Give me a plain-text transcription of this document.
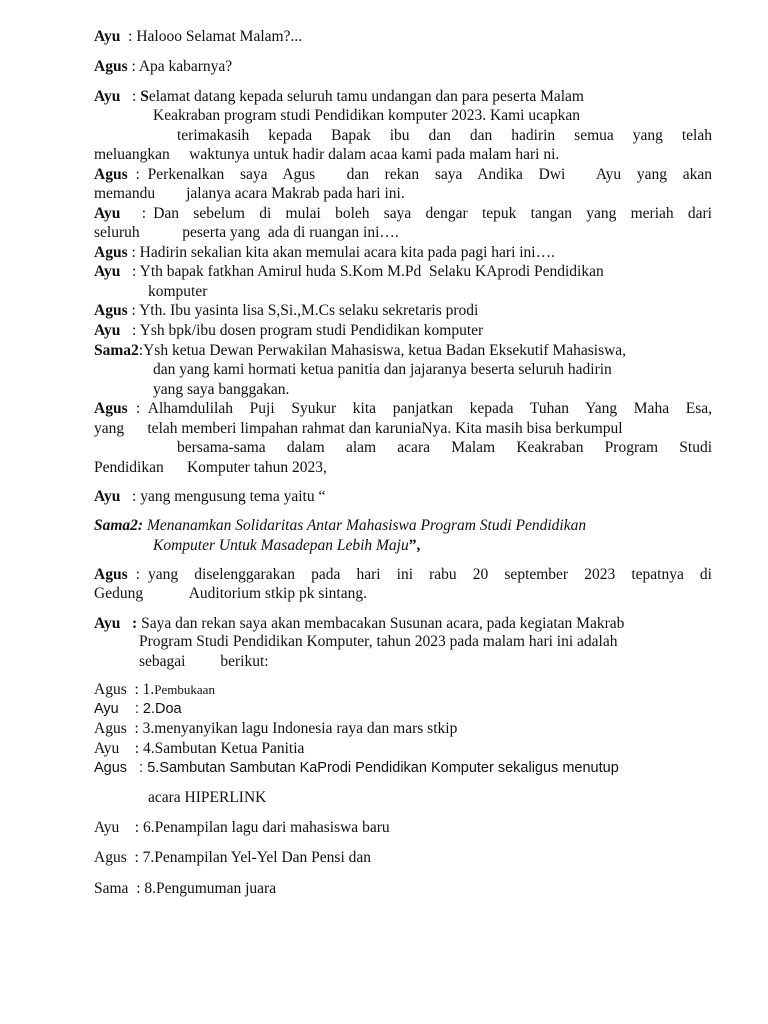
Ayu  : Halooo Selamat Malam?...
Agus : Apa kabarnya?
Ayu   : Selamat datang kepada seluruh tamu undangan dan para peserta Malam
Keakraban program studi Pendidikan komputer 2023. Kami ucapkan
terimakasih  kepada  Bapak  ibu  dan  dan  hadirin  semua  yang  telah
meluangkan     waktunya untuk hadir dalam acaa kami pada malam hari ni.
Agus : Perkenalkan  saya  Agus    dan  rekan  saya  Andika  Dwi    Ayu  yang  akan
memandu        jalanya acara Makrab pada hari ini.
Ayu   : Dan  sebelum  di  mulai  boleh  saya  dengar  tepuk  tangan  yang  meriah  dari
seluruh           peserta yang  ada di ruangan ini….
Agus : Hadirin sekalian kita akan memulai acara kita pada pagi hari ini….
Ayu   : Yth bapak fatkhan Amirul huda S.Kom M.Pd  Selaku KAprodi Pendidikan
komputer
Agus : Yth. Ibu yasinta lisa S,Si.,M.Cs selaku sekretaris prodi
Ayu   : Ysh bpk/ibu dosen program studi Pendidikan komputer
Sama2:Ysh ketua Dewan Perwakilan Mahasiswa, ketua Badan Eksekutif Mahasiswa,
dan yang kami hormati ketua panitia dan jajaranya beserta seluruh hadirin
yang saya banggakan.
Agus : Alhamdulilah  Puji  Syukur  kita  panjatkan  kepada  Tuhan  Yang  Maha  Esa,
yang      telah memberi limpahan rahmat dan karuniaNya. Kita masih bisa berkumpul
bersama-sama  dalam  alam  acara  Malam  Keakraban  Program  Studi
Pendidikan      Komputer tahun 2023,
Ayu   : yang mengusung tema yaitu “
Sama2: Menanamkan Solidaritas Antar Mahasiswa Program Studi Pendidikan
Komputer Untuk Masadepan Lebih Maju”,
Agus : yang  diselenggarakan  pada  hari  ini  rabu  20  september  2023  tepatnya  di
Gedung            Auditorium stkip pk sintang.
Ayu   : Saya dan rekan saya akan membacakan Susunan acara, pada kegiatan Makrab
Program Studi Pendidikan Komputer, tahun 2023 pada malam hari ini adalah
sebagai         berikut:
Agus  : 1.Pembukaan
Ayu    : 2.Doa
Agus  : 3.menyanyikan lagu Indonesia raya dan mars stkip
Ayu    : 4.Sambutan Ketua Panitia
Agus   : 5.Sambutan Sambutan KaProdi Pendidikan Komputer sekaligus menutup
acara HIPERLINK
Ayu    : 6.Penampilan lagu dari mahasiswa baru
Agus  : 7.Penampilan Yel-Yel Dan Pensi dan
Sama  : 8.Pengumuman juara
